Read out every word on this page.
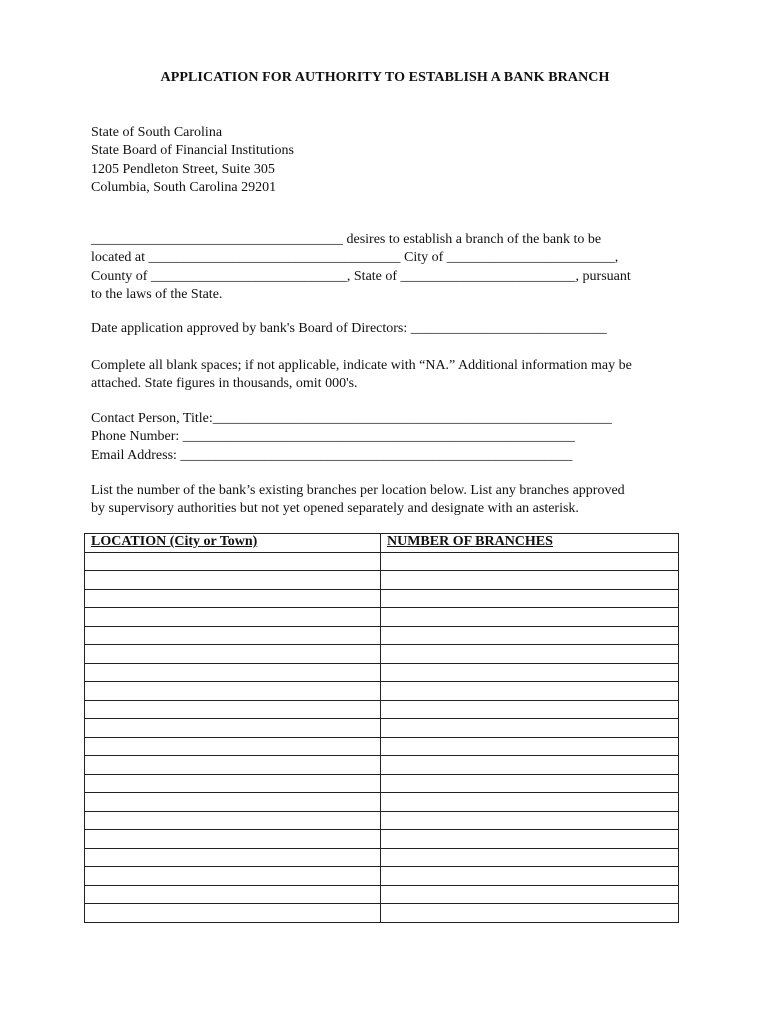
APPLICATION FOR AUTHORITY TO ESTABLISH A BANK BRANCH
State of South Carolina
State Board of Financial Institutions
1205 Pendleton Street, Suite 305
Columbia, South Carolina 29201
____________________________________ desires to establish a branch of the bank to be
located at ____________________________________ City of ________________________,
County of ____________________________, State of _________________________, pursuant
to the laws of the State.
Date application approved by bank's Board of Directors: ____________________________
Complete all blank spaces; if not applicable, indicate with “NA.” Additional information may be
attached. State figures in thousands, omit 000's.
Contact Person, Title:_________________________________________________________
Phone Number: ________________________________________________________
Email Address: ________________________________________________________
List the number of the bank’s existing branches per location below. List any branches approved
by supervisory authorities but not yet opened separately and designate with an asterisk.
LOCATION (City or Town)	NUMBER OF BRANCHES
